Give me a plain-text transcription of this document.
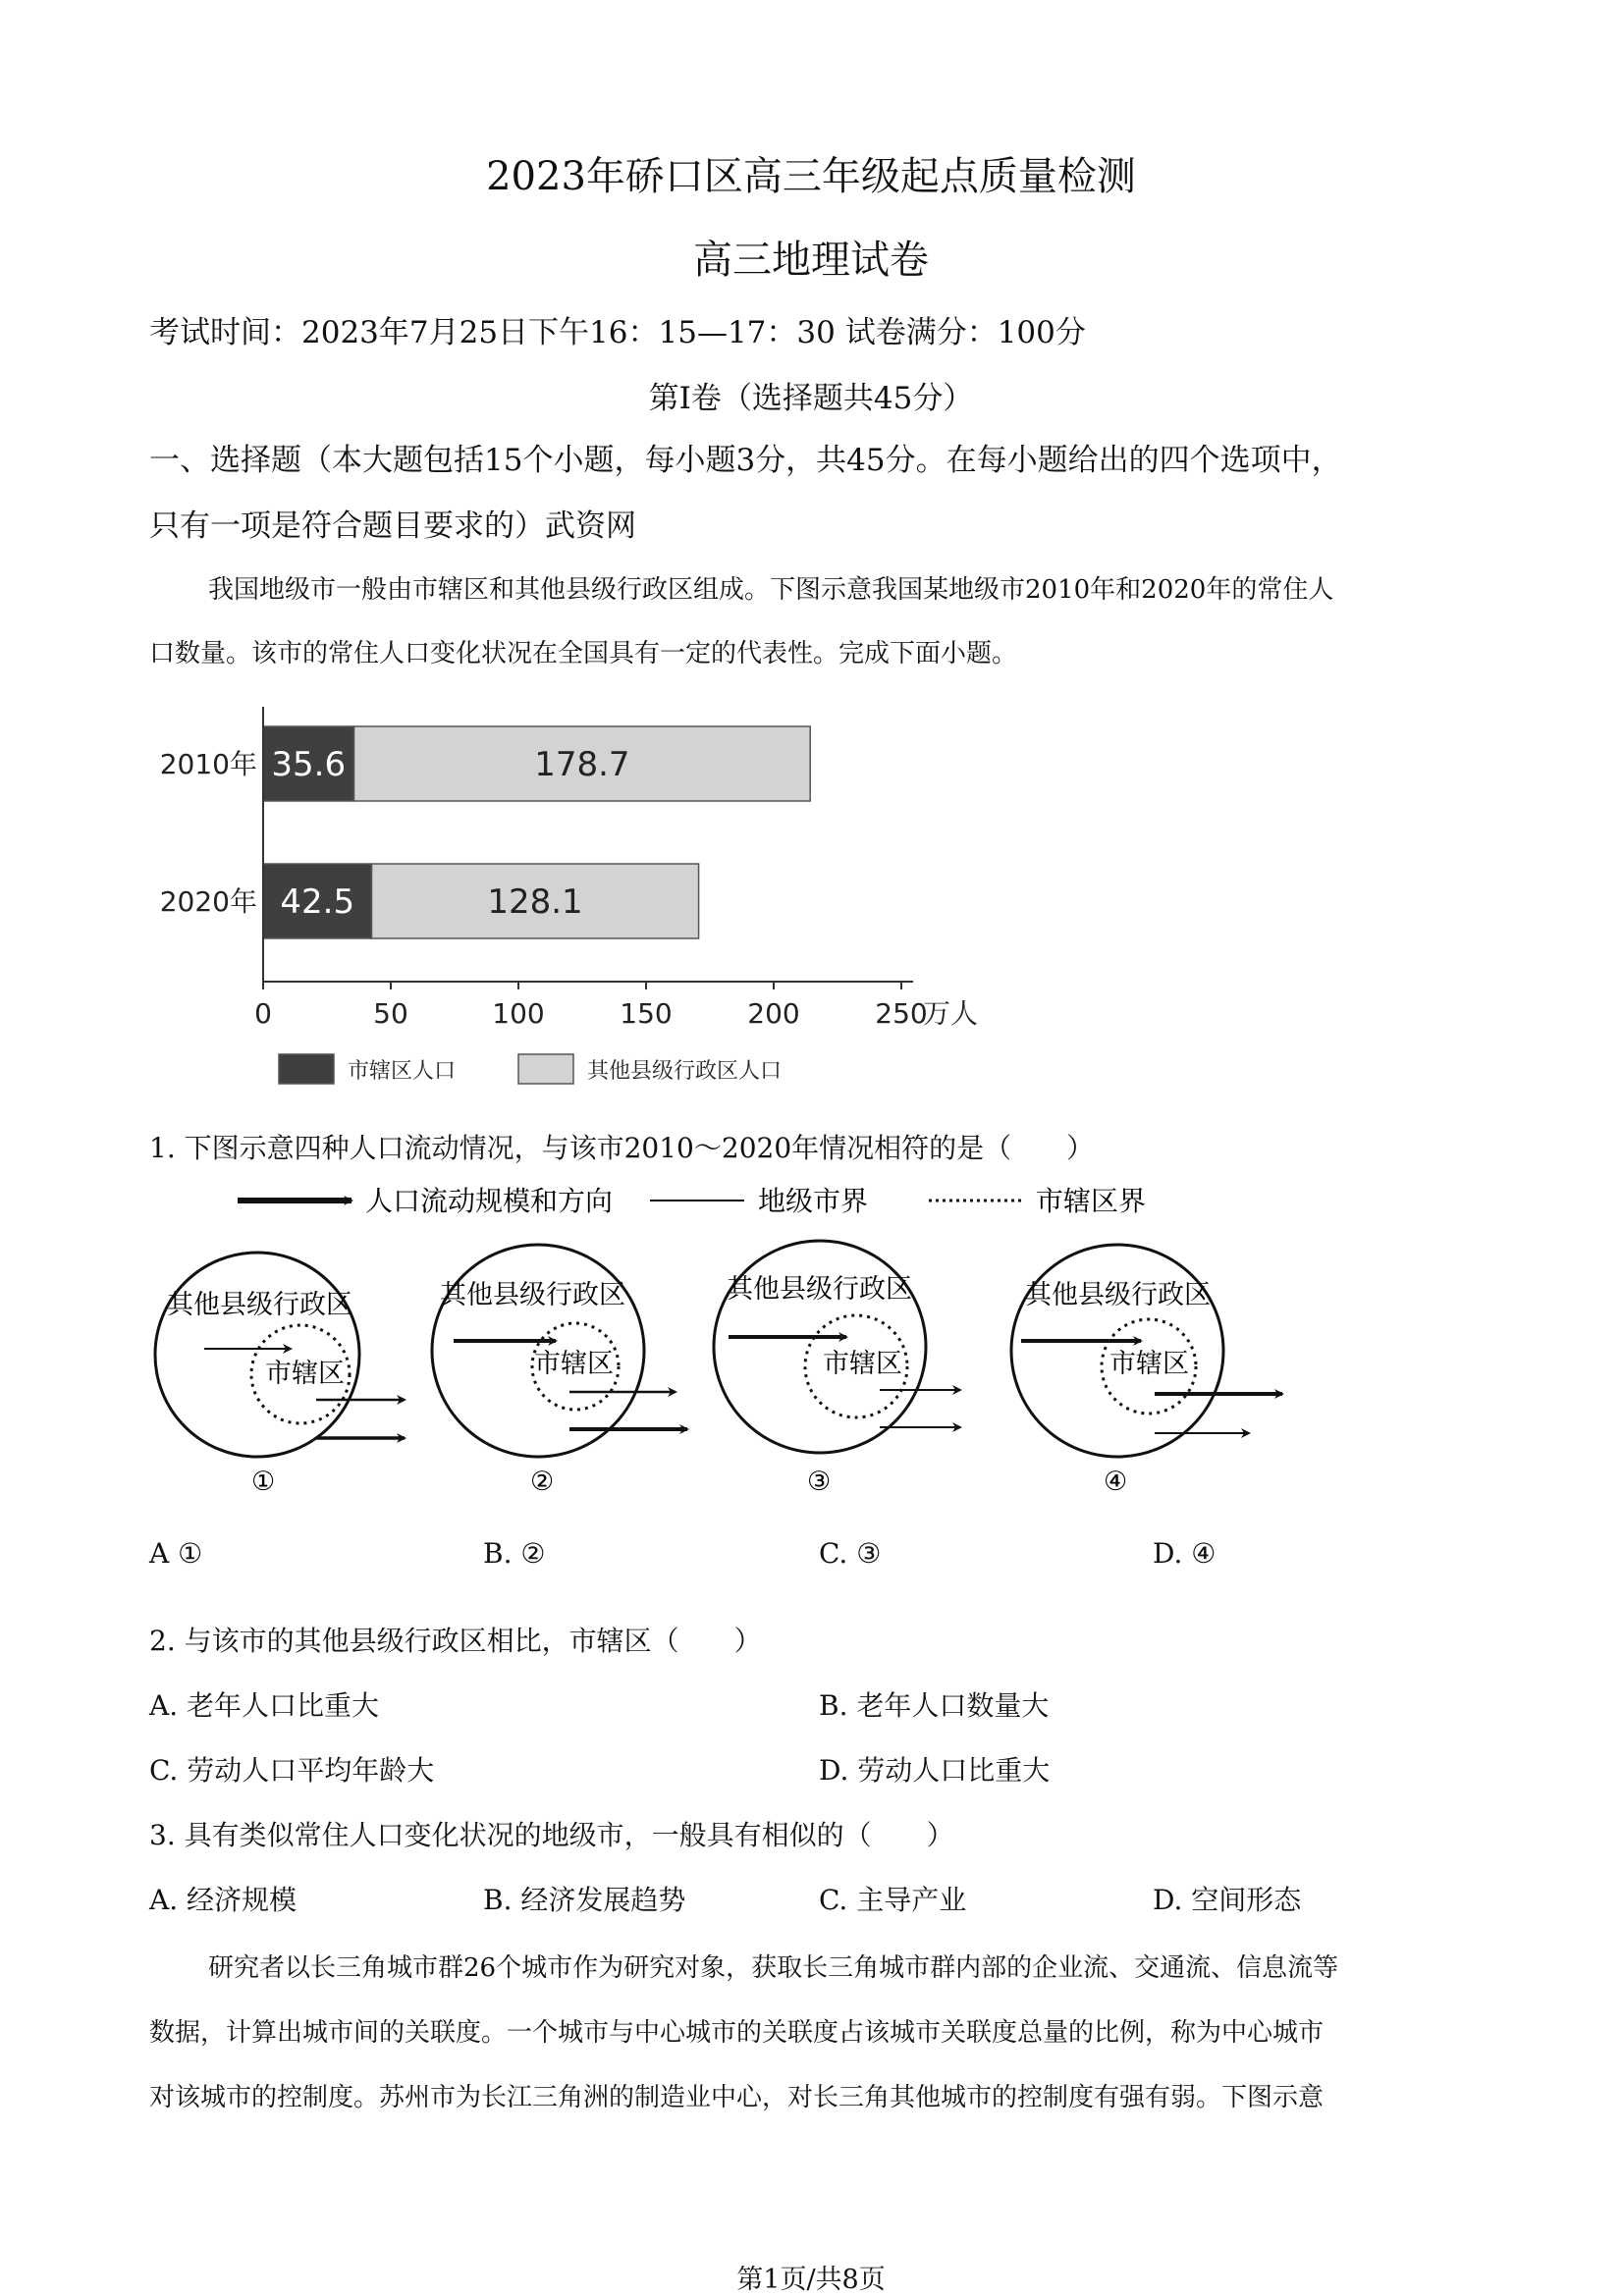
2023年硚口区高三年级起点质量检测
高三地理试卷
考试时间：2023年7月25日下午16：15—17：30 试卷满分：100分
第Ⅰ卷（选择题共45分）
一、选择题（本大题包括15个小题，每小题3分，共45分。在每小题给出的四个选项中，
只有一项是符合题目要求的）武资网
我国地级市一般由市辖区和其他县级行政区组成。下图示意我国某地级市2010年和2020年的常住人
口数量。该市的常住人口变化状况在全国具有一定的代表性。完成下面小题。
35.6	178.7
2010年
42.5	128.1
2020年
0	50	100	150	200	250
万人
市辖区人口	其他县级行政区人口
1. 下图示意四种人口流动情况，与该市2010～2020年情况相符的是（　　）
人口流动规模和方向	地级市界	市辖区界
其他县级行政区
市辖区
①
其他县级行政区
市辖区
②
其他县级行政区
市辖区
③
其他县级行政区
市辖区
④
A ①	B. ②	C. ③	D. ④
2. 与该市的其他县级行政区相比，市辖区（　　）
A. 老年人口比重大	B. 老年人口数量大
C. 劳动人口平均年龄大	D. 劳动人口比重大
3. 具有类似常住人口变化状况的地级市，一般具有相似的（　　）
A. 经济规模	B. 经济发展趋势	C. 主导产业	D. 空间形态
研究者以长三角城市群26个城市作为研究对象，获取长三角城市群内部的企业流、交通流、信息流等
数据，计算出城市间的关联度。一个城市与中心城市的关联度占该城市关联度总量的比例，称为中心城市
对该城市的控制度。苏州市为长江三角洲的制造业中心，对长三角其他城市的控制度有强有弱。下图示意
第1页/共8页
